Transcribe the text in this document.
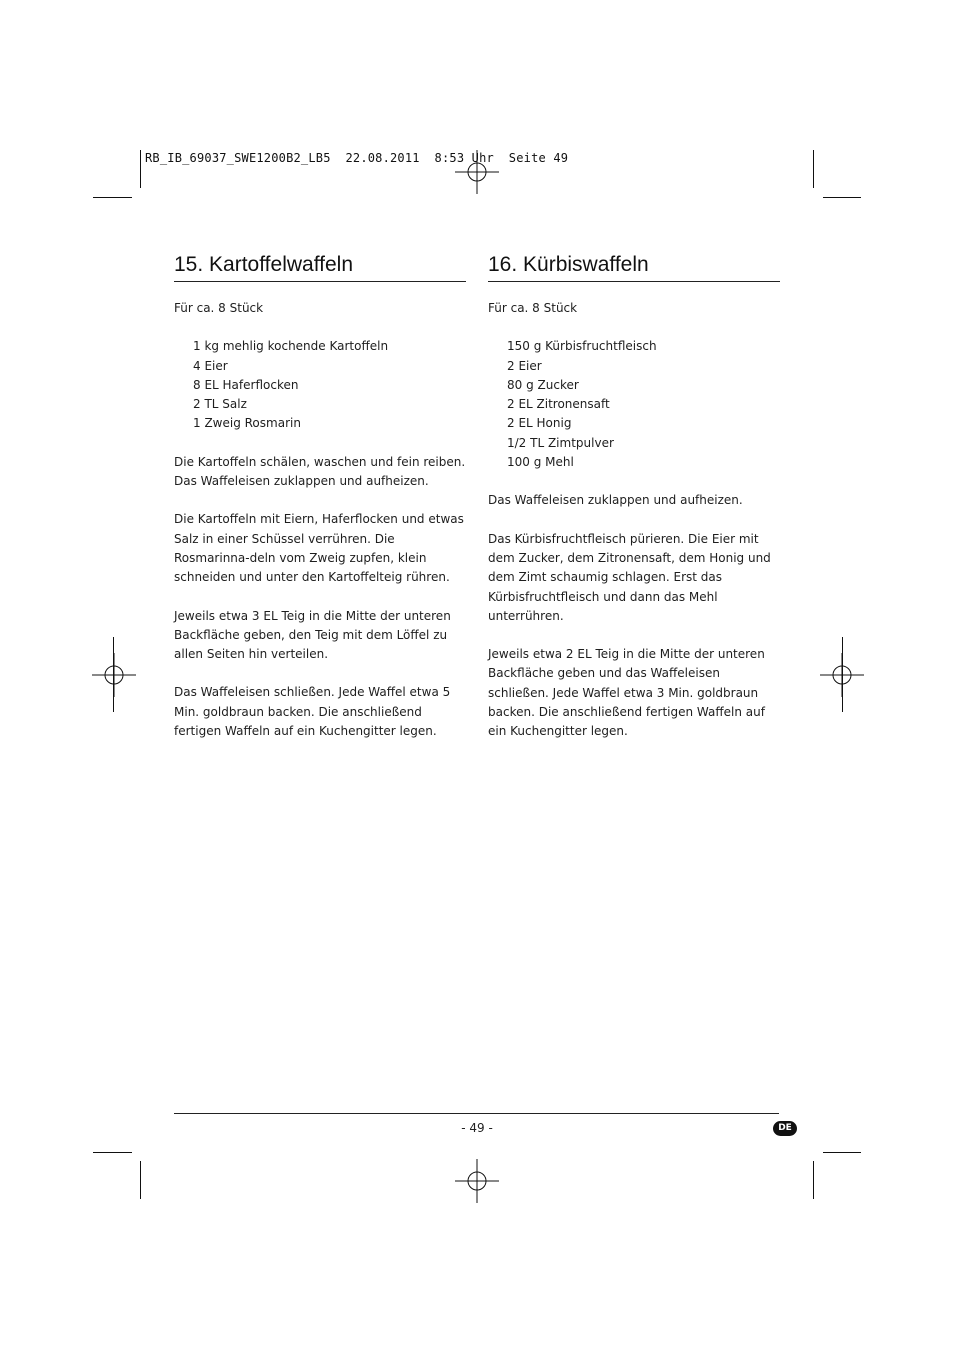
RB_IB_69037_SWE1200B2_LB5  22.08.2011  8:53 Uhr  Seite 49
15. Kartoffelwaffeln

Für ca. 8 Stück

1 kg mehlig kochende Kartoffeln
4 Eier
8 EL Haferflocken
2 TL Salz
1 Zweig Rosmarin

Die Kartoffeln schälen, waschen und fein reiben. Das Waffeleisen zuklappen und aufheizen.

Die Kartoffeln mit Eiern, Haferflocken und etwas Salz in einer Schüssel verrühren. Die Rosmarinna-deln vom Zweig zupfen, klein schneiden und unter den Kartoffelteig rühren.

Jeweils etwa 3 EL Teig in die Mitte der unteren Backfläche geben, den Teig mit dem Löffel zu allen Seiten hin verteilen.

Das Waffeleisen schließen. Jede Waffel etwa 5 Min. goldbraun backen. Die anschließend fertigen Waffeln auf ein Kuchengitter legen.

16. Kürbiswaffeln

Für ca. 8 Stück

150 g Kürbisfruchtfleisch
2 Eier
80 g Zucker
2 EL Zitronensaft
2 EL Honig
1/2 TL Zimtpulver
100 g Mehl

Das Waffeleisen zuklappen und aufheizen.

Das Kürbisfruchtfleisch pürieren. Die Eier mit dem Zucker, dem Zitronensaft, dem Honig und dem Zimt schaumig schlagen. Erst das Kürbisfruchtfleisch und dann das Mehl unterrühren.

Jeweils etwa 2 EL Teig in die Mitte der unteren Backfläche geben und das Waffeleisen schließen. Jede Waffel etwa 3 Min. goldbraun backen. Die anschließend fertigen Waffeln auf ein Kuchengitter legen.

- 49 -	DE
